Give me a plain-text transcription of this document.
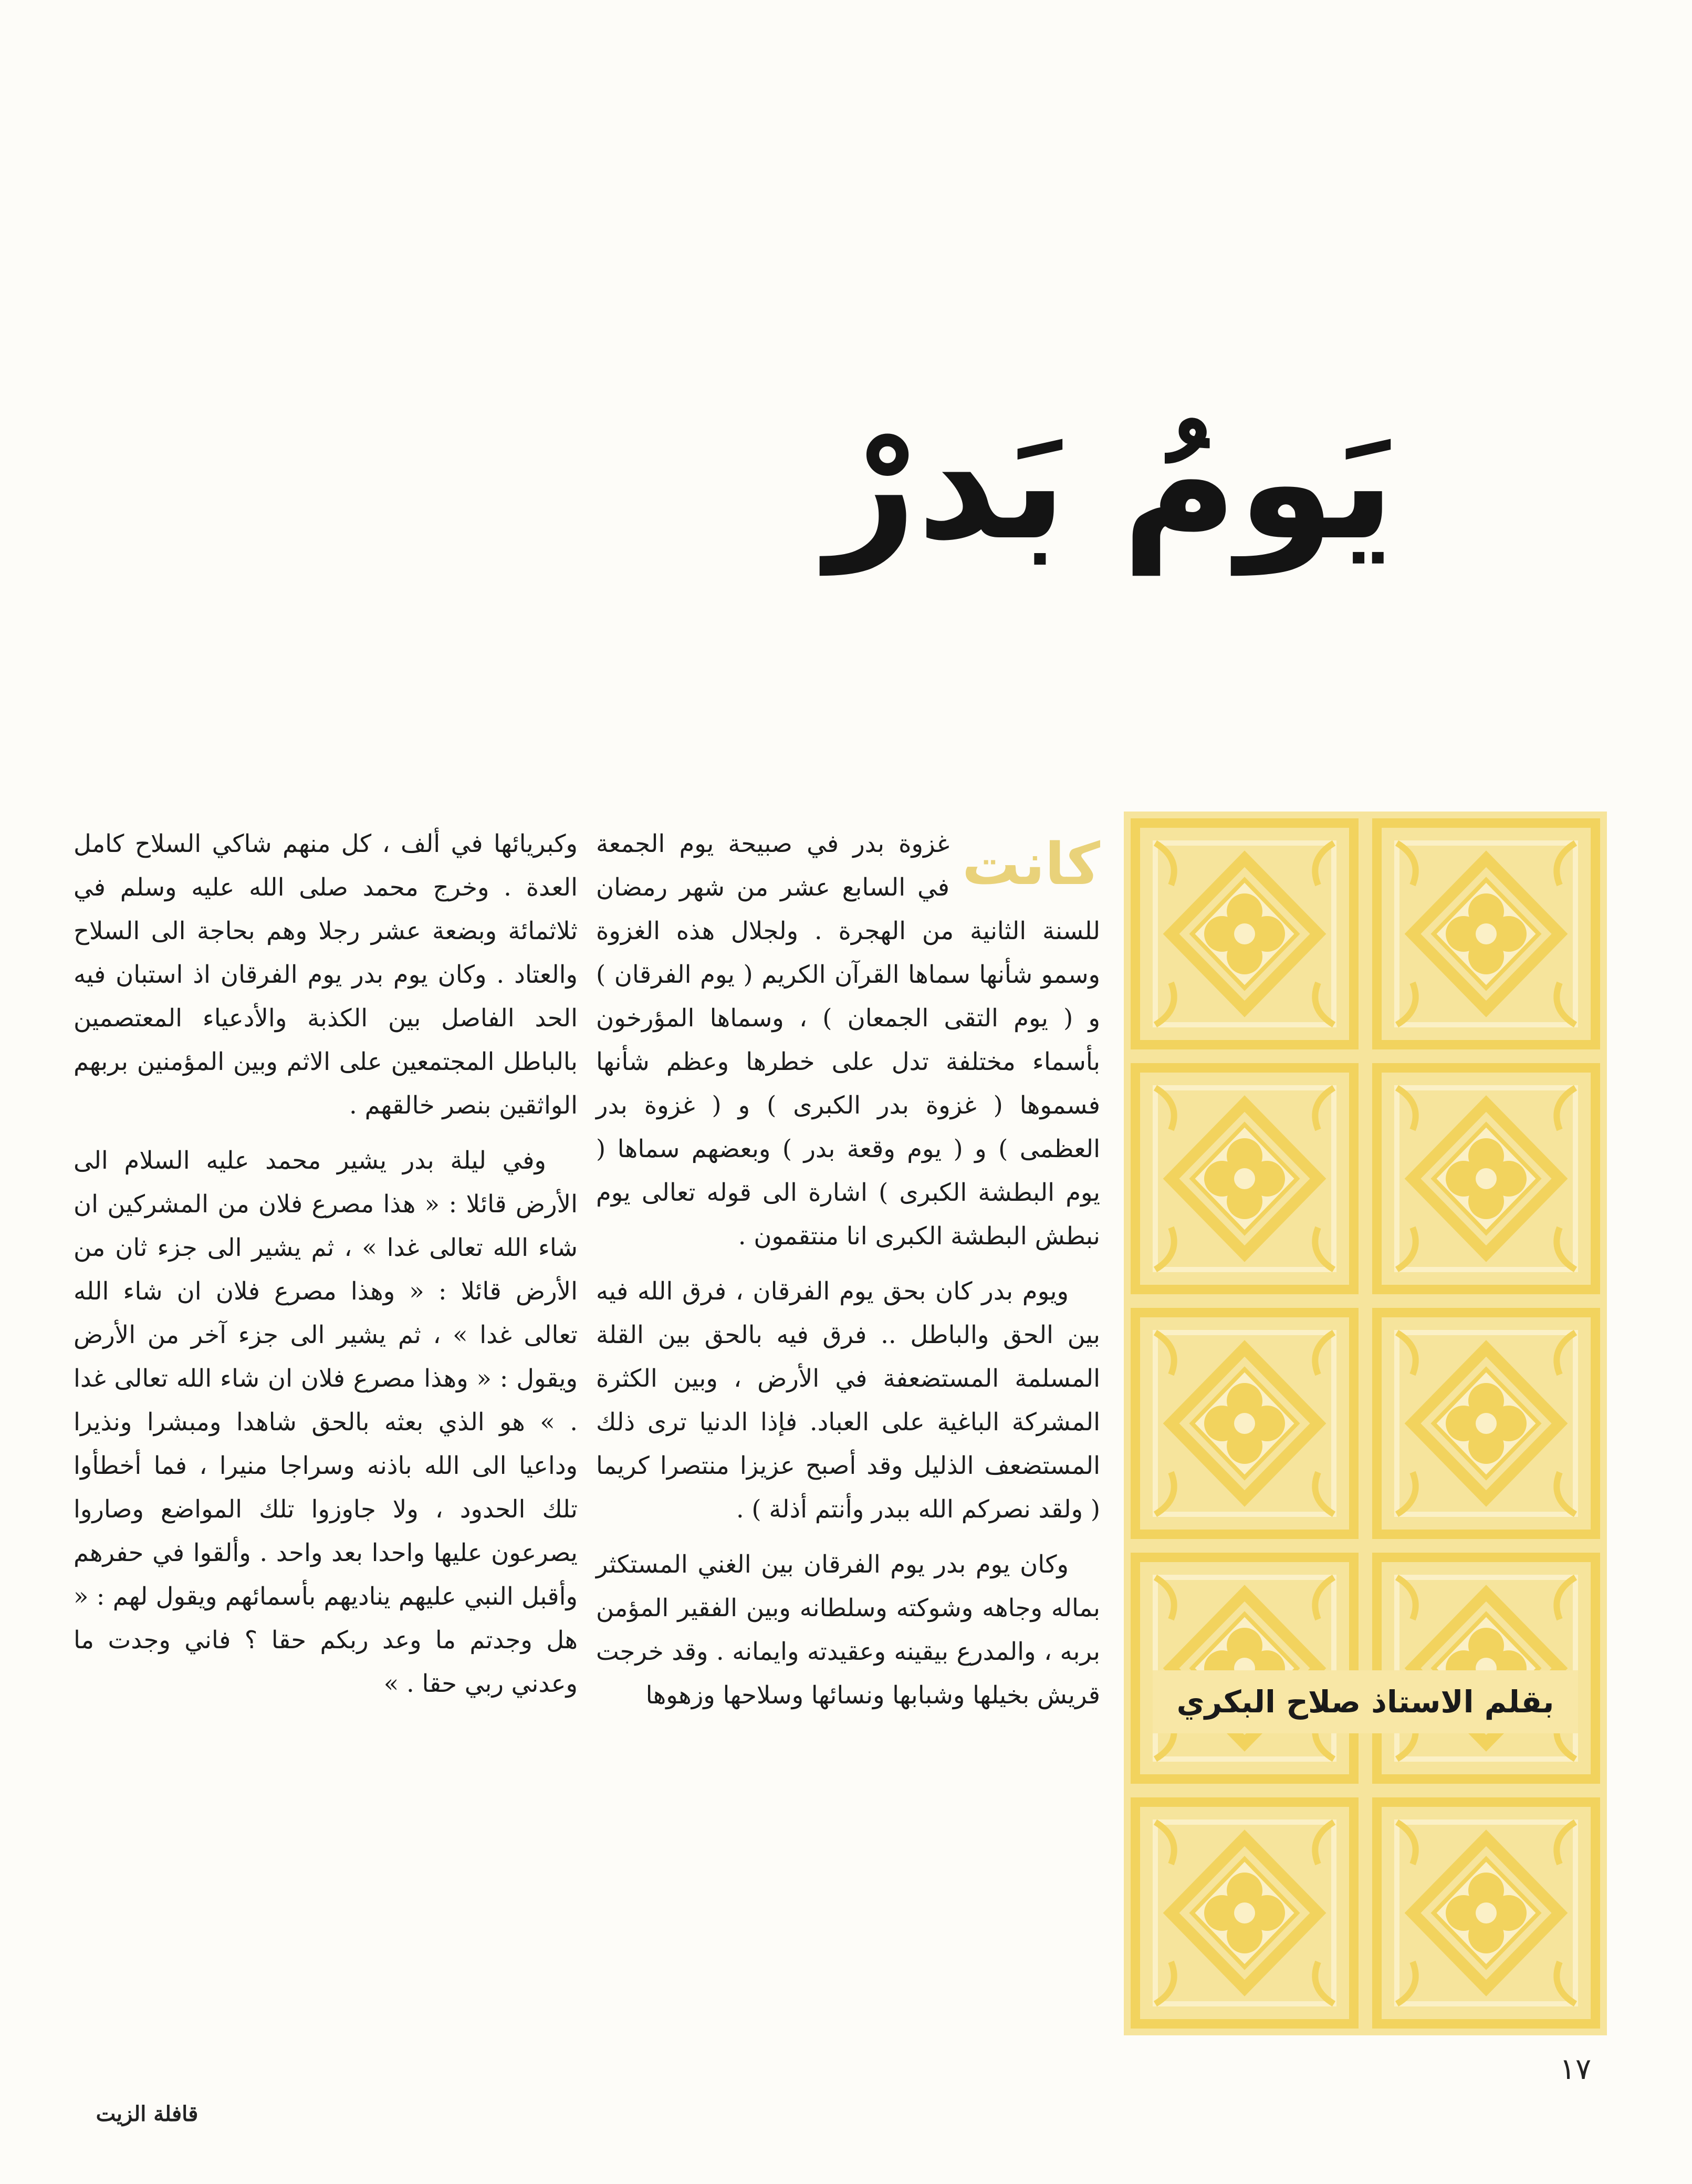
يَومُ بَدرْ
بقلم الاستاذ صلاح البكري

كانت
غزوة بدر في صبيحة يوم الجمعة في السابع عشر من شهر رمضان للسنة الثانية من الهجرة . ولجلال هذه الغزوة وسمو شأنها سماها القرآن الكريم ( يوم الفرقان ) و ( يوم التقى الجمعان ) ، وسماها المؤرخون بأسماء مختلفة تدل على خطرها وعظم شأنها فسموها ( غزوة بدر الكبرى ) و ( غزوة بدر العظمى ) و ( يوم وقعة بدر ) وبعضهم سماها ( يوم البطشة الكبرى ) اشارة الى قوله تعالى يوم نبطش البطشة الكبرى انا منتقمون .

ويوم بدر كان بحق يوم الفرقان ، فرق الله فيه بين الحق والباطل .. فرق فيه بالحق بين القلة المسلمة المستضعفة في الأرض ، وبين الكثرة المشركة الباغية على العباد. فإذا الدنيا ترى ذلك المستضعف الذليل وقد أصبح عزيزا منتصرا كريما ( ولقد نصركم الله ببدر وأنتم أذلة ) .

وكان يوم بدر يوم الفرقان بين الغني المستكثر بماله وجاهه وشوكته وسلطانه وبين الفقير المؤمن بربه ، والمدرع بيقينه وعقيدته وايمانه . وقد خرجت قريش بخيلها وشبابها ونسائها وسلاحها وزهوها

وكبريائها في ألف ، كل منهم شاكي السلاح كامل العدة . وخرج محمد صلى الله عليه وسلم في ثلاثمائة وبضعة عشر رجلا وهم بحاجة الى السلاح والعتاد . وكان يوم بدر يوم الفرقان اذ استبان فيه الحد الفاصل بين الكذبة والأدعياء المعتصمين بالباطل المجتمعين على الاثم وبين المؤمنين بربهم الواثقين بنصر خالقهم .

وفي ليلة بدر يشير محمد عليه السلام الى الأرض قائلا : « هذا مصرع فلان من المشركين ان شاء الله تعالى غدا » ، ثم يشير الى جزء ثان من الأرض قائلا : « وهذا مصرع فلان ان شاء الله تعالى غدا » ، ثم يشير الى جزء آخر من الأرض ويقول : « وهذا مصرع فلان ان شاء الله تعالى غدا . » هو الذي بعثه بالحق شاهدا ومبشرا ونذيرا وداعيا الى الله باذنه وسراجا منيرا ، فما أخطأوا تلك الحدود ، ولا جاوزوا تلك المواضع وصاروا يصرعون عليها واحدا بعد واحد . وألقوا في حفرهم وأقبل النبي عليهم يناديهم بأسمائهم ويقول لهم : « هل وجدتم ما وعد ربكم حقا ؟ فاني وجدت ما وعدني ربي حقا . »

١٧
قافلة الزيت
